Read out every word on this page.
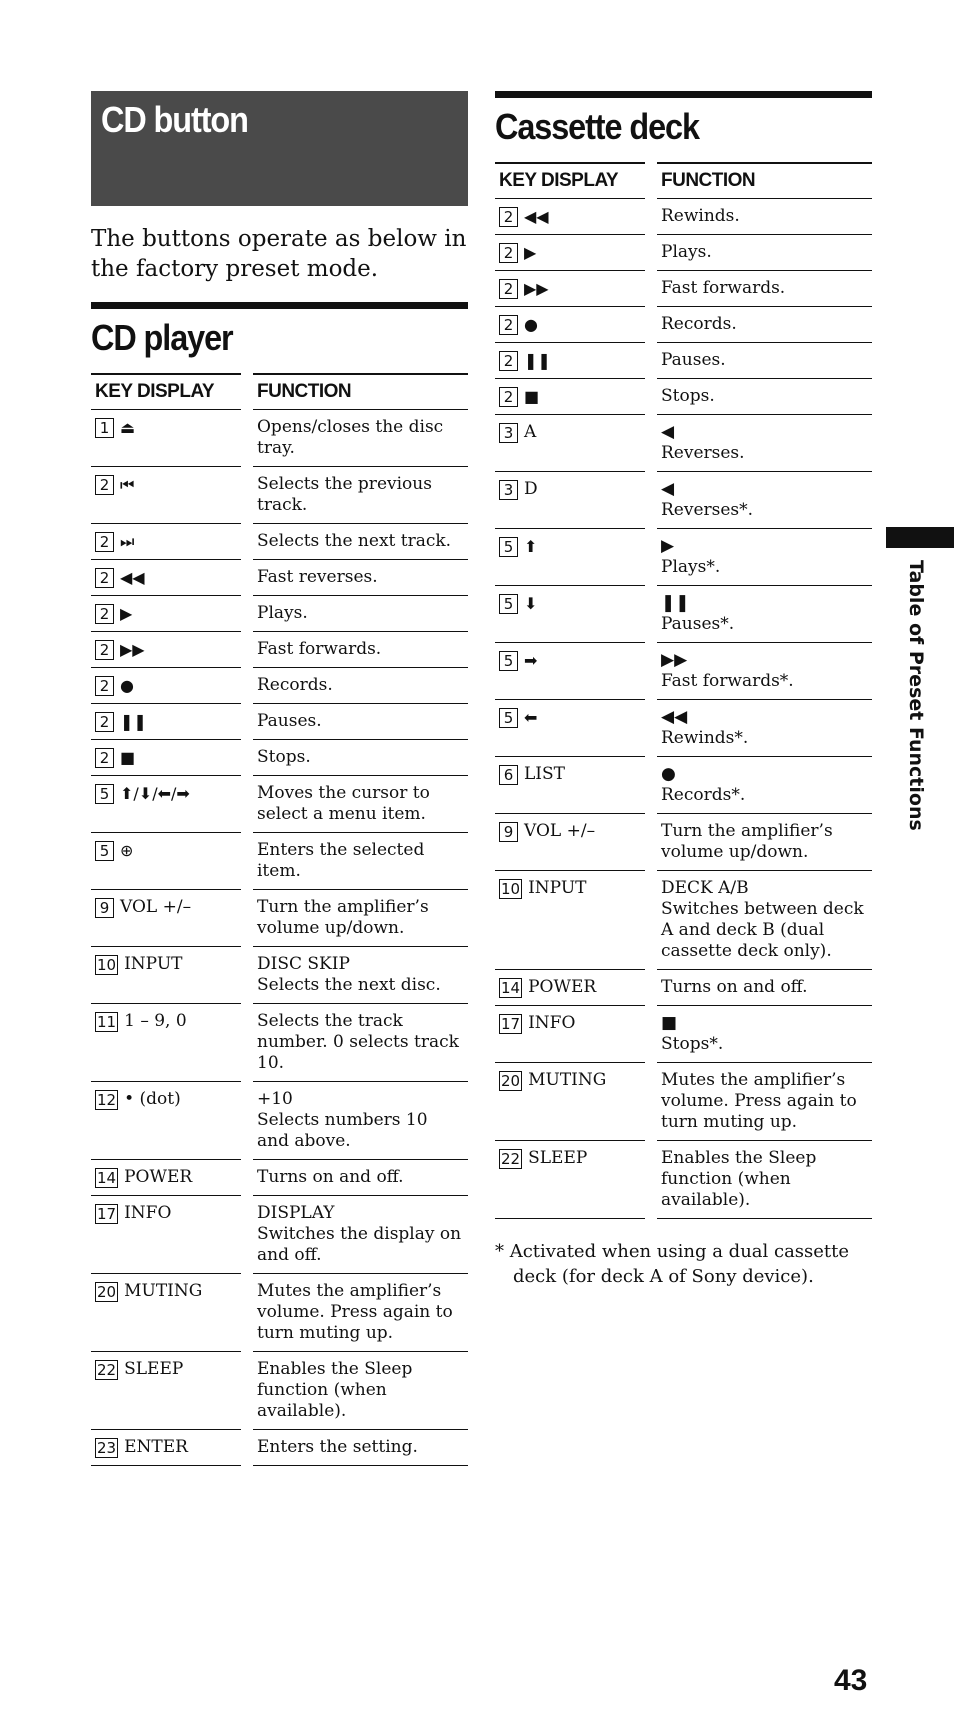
CD button

The buttons operate as below in the factory preset mode.

CD player
KEY DISPLAY		FUNCTION
1 ⏏		Opens/closes the disc tray.

2 ⏮		Selects the previous track.

2 ⏭		Selects the next track.

2 ◀◀		Fast reverses.

2 ▶		Plays.

2 ▶▶		Fast forwards.

2 ●		Records.

2 ❚❚		Pauses.

2 ■		Stops.

5 ⬆/⬇/⬅/➡		Moves the cursor to select a menu item.

5 ⊕		Enters the selected item.

9 VOL +/–		Turn the amplifier’s volume up/down.

10 INPUT		DISC SKIP
Selects the next disc.

11 1 – 9, 0		Selects the track number. 0 selects track 10.

12 • (dot)		+10
Selects numbers 10 and above.

14 POWER		Turns on and off.

17 INFO		DISPLAY
Switches the display on and off.

20 MUTING		Mutes the amplifier’s volume. Press again to turn muting up.

22 SLEEP		Enables the Sleep function (when available).

23 ENTER		Enters the setting.
Cassette deck
KEY DISPLAY		FUNCTION
2 ◀◀		Rewinds.

2 ▶		Plays.

2 ▶▶		Fast forwards.

2 ●		Records.

2 ❚❚		Pauses.

2 ■		Stops.

3 A		◀
Reverses.

3 D		◀
Reverses*.

5 ⬆		▶
Plays*.

5 ⬇		❚❚
Pauses*.

5 ➡		▶▶
Fast forwards*.

5 ⬅		◀◀
Rewinds*.

6 LIST		●
Records*.

9 VOL +/–		Turn the amplifier’s volume up/down.

10 INPUT		DECK A/B
Switches between deck A and deck B (dual cassette deck only).

14 POWER		Turns on and off.

17 INFO		■
Stops*.

20 MUTING		Mutes the amplifier’s volume. Press again to turn muting up.

22 SLEEP		Enables the Sleep function (when available).

* Activated when using a dual cassette deck (for deck A of Sony device).

Table of Preset Functions
43
